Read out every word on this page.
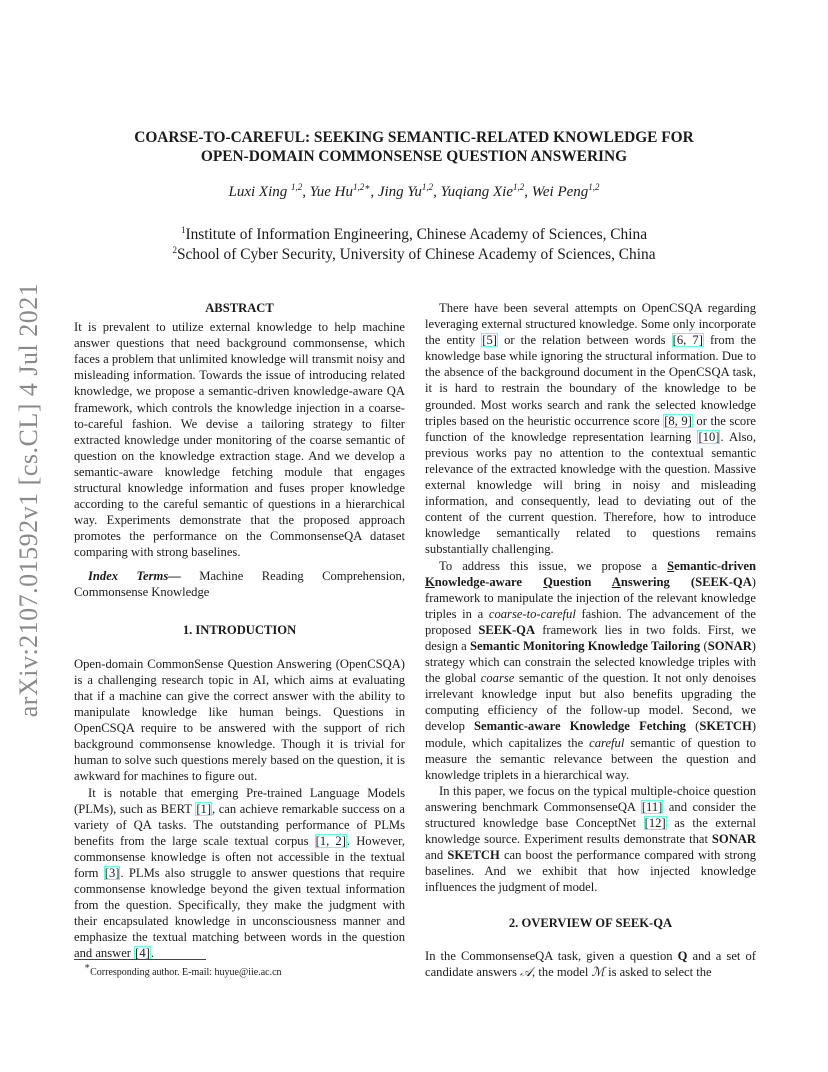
arXiv:2107.01592v1 [cs.CL] 4 Jul 2021
COARSE-TO-CAREFUL: SEEKING SEMANTIC-RELATED KNOWLEDGE FOR
OPEN-DOMAIN COMMONSENSE QUESTION ANSWERING
Luxi Xing $^{1,2}$, Yue $Hu^{1,2∗}$, Jing Yu$^{1,2}$, Yuqiang Xie$^{1,2}$, Wei Peng$^{1,2}$
$^1$Institute of Information Engineering, Chinese Academy of Sciences, China
$^2$School of Cyber Security, University of Chinese Academy of Sciences, China
ABSTRACT

It is prevalent to utilize external knowledge to help machine answer questions that need background commonsense, which faces a problem that unlimited knowledge will transmit noisy and misleading information. Towards the issue of introducing related knowledge, we propose a semantic-driven knowledge-aware QA framework, which controls the knowledge injection in a coarse-to-careful fashion. We devise a tailoring strategy to filter extracted knowledge under monitoring of the coarse semantic of question on the knowledge extraction stage. And we develop a semantic-aware knowledge fetching module that engages structural knowledge information and fuses proper knowledge according to the careful semantic of questions in a hierarchical way. Experiments demonstrate that the proposed approach promotes the performance on the CommonsenseQA dataset comparing with strong baselines.

Index Terms— Machine Reading Comprehension, Commonsense Knowledge

1. INTRODUCTION

Open-domain CommonSense Question Answering (OpenCSQA) is a challenging research topic in AI, which aims at evaluating that if a machine can give the correct answer with the ability to manipulate knowledge like human beings. Questions in OpenCSQA require to be answered with the support of rich background commonsense knowledge. Though it is trivial for human to solve such questions merely based on the question, it is awkward for machines to figure out.

It is notable that emerging Pre-trained Language Models (PLMs), such as BERT [1], can achieve remarkable success on a variety of QA tasks. The outstanding performance of PLMs benefits from the large scale textual corpus [1, 2]. However, commonsense knowledge is often not accessible in the textual form [3]. PLMs also struggle to answer questions that require commonsense knowledge beyond the given textual information from the question. Specifically, they make the judgment with their encapsulated knowledge in unconsciousness manner and emphasize the textual matching between words in the question and answer [4].

There have been several attempts on OpenCSQA regarding leveraging external structured knowledge. Some only incorporate the entity [5] or the relation between words [6, 7] from the knowledge base while ignoring the structural information. Due to the absence of the background document in the OpenCSQA task, it is hard to restrain the boundary of the knowledge to be grounded. Most works search and rank the selected knowledge triples based on the heuristic occurrence score [8, 9] or the score function of the knowledge representation learning [10]. Also, previous works pay no attention to the contextual semantic relevance of the extracted knowledge with the question. Massive external knowledge will bring in noisy and misleading information, and consequently, lead to deviating out of the content of the current question. Therefore, how to introduce knowledge semantically related to questions remains substantially challenging.

To address this issue, we propose a Semantic-driven Knowledge-aware Question Answering (SEEK-QA) framework to manipulate the injection of the relevant knowledge triples in a coarse-to-careful fashion. The advancement of the proposed SEEK-QA framework lies in two folds. First, we design a Semantic Monitoring Knowledge Tailoring (SONAR) strategy which can constrain the selected knowledge triples with the global coarse semantic of the question. It not only denoises irrelevant knowledge input but also benefits upgrading the computing efficiency of the follow-up model. Second, we develop Semantic-aware Knowledge Fetching (SKETCH) module, which capitalizes the careful semantic of question to measure the semantic relevance between the question and knowledge triplets in a hierarchical way.

In this paper, we focus on the typical multiple-choice question answering benchmark CommonsenseQA [11] and consider the structured knowledge base ConceptNet [12] as the external knowledge source. Experiment results demonstrate that SONAR and SKETCH can boost the performance compared with strong baselines. And we exhibit that how injected knowledge influences the judgment of model.

2. OVERVIEW OF SEEK-QA

In the CommonsenseQA task, given a question Q and a set of candidate answers 𝒜, the model ℳ is asked to select the

∗Corresponding author. E-mail: huyue@iie.ac.cn
